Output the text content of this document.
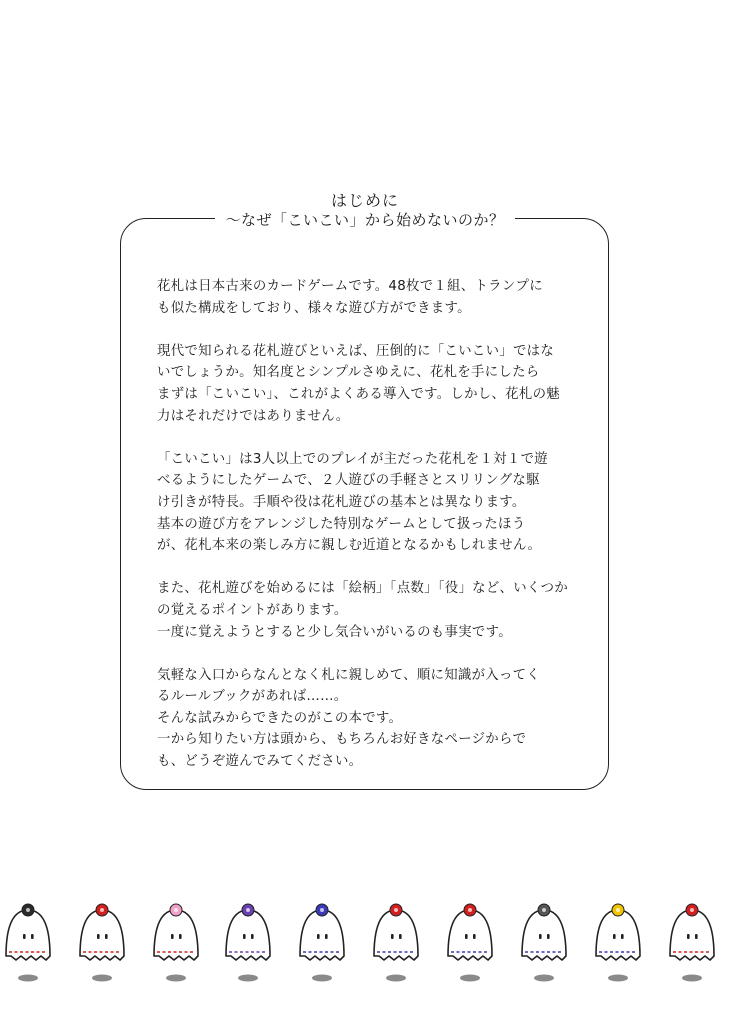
はじめに
〜なぜ「こいこい」から始めないのか？

花札は日本古来のカードゲームです。48枚で１組、トランプに
も似た構成をしており、様々な遊び方ができます。

現代で知られる花札遊びといえば、圧倒的に「こいこい」ではな
いでしょうか。知名度とシンプルさゆえに、花札を手にしたら
まずは「こいこい」、これがよくある導入です。しかし、花札の魅
力はそれだけではありません。

「こいこい」は3人以上でのプレイが主だった花札を１対１で遊
べるようにしたゲームで、２人遊びの手軽さとスリリングな駆
け引きが特長。手順や役は花札遊びの基本とは異なります。
基本の遊び方をアレンジした特別なゲームとして扱ったほう
が、花札本来の楽しみ方に親しむ近道となるかもしれません。

また、花札遊びを始めるには「絵柄」「点数」「役」など、いくつか
の覚えるポイントがあります。
一度に覚えようとすると少し気合いがいるのも事実です。

気軽な入口からなんとなく札に親しめて、順に知識が入ってく
るルールブックがあれば……。
そんな試みからできたのがこの本です。
一から知りたい方は頭から、もちろんお好きなページからで
も、どうぞ遊んでみてください。
